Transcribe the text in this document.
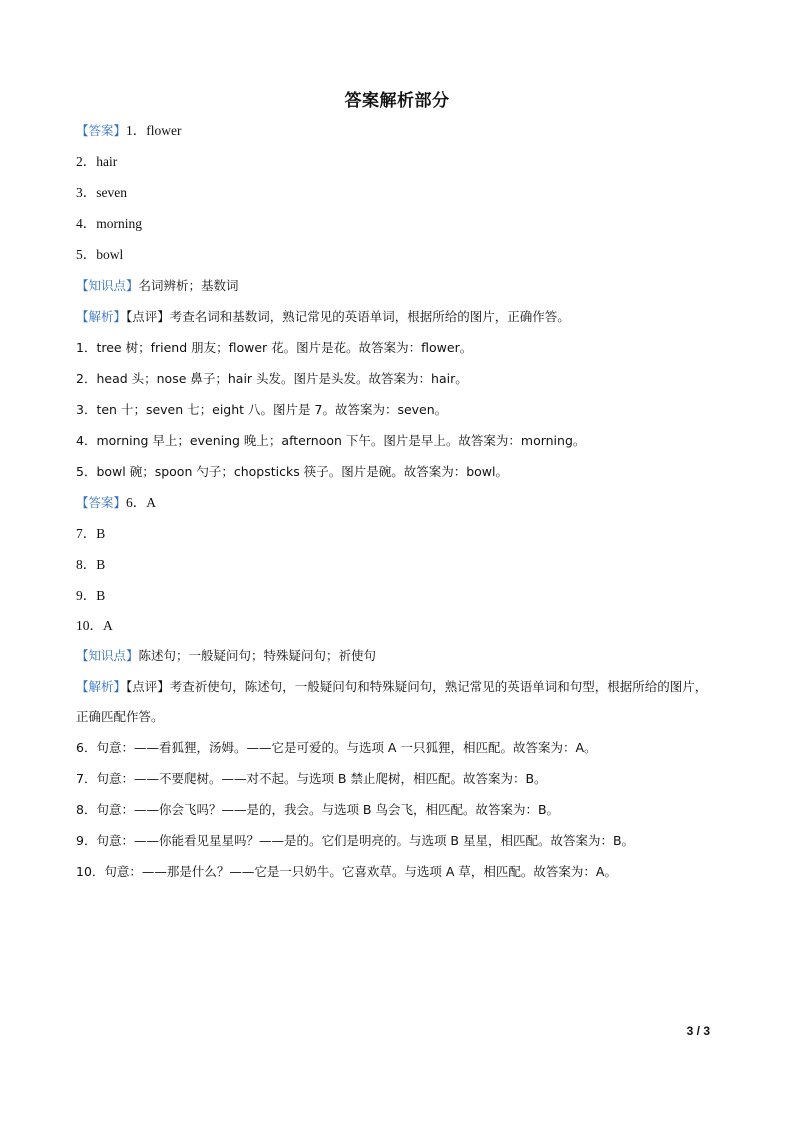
答案解析部分
【答案】1．flower
2．hair
3．seven
4．morning
5．bowl
【知识点】名词辨析；基数词
【解析】【点评】考查名词和基数词，熟记常见的英语单词，根据所给的图片，正确作答。
1．tree 树；friend 朋友；flower 花。图片是花。故答案为：flower。
2．head 头；nose 鼻子；hair 头发。图片是头发。故答案为：hair。
3．ten 十；seven 七；eight 八。图片是 7。故答案为：seven。
4．morning 早上；evening 晚上；afternoon 下午。图片是早上。故答案为：morning。
5．bowl 碗；spoon 勺子；chopsticks 筷子。图片是碗。故答案为：bowl。
【答案】6．A
7．B
8．B
9．B
10．A
【知识点】陈述句；一般疑问句；特殊疑问句；祈使句
【解析】【点评】考查祈使句，陈述句，一般疑问句和特殊疑问句，熟记常见的英语单词和句型，根据所给的图片，正确匹配作答。
6．句意：——看狐狸，汤姆。——它是可爱的。与选项 A 一只狐狸，相匹配。故答案为：A。
7．句意：——不要爬树。——对不起。与选项 B 禁止爬树，相匹配。故答案为：B。
8．句意：——你会飞吗？——是的，我会。与选项 B 鸟会飞，相匹配。故答案为：B。
9．句意：——你能看见星星吗？——是的。它们是明亮的。与选项 B 星星，相匹配。故答案为：B。
10．句意：——那是什么？——它是一只奶牛。它喜欢草。与选项 A 草，相匹配。故答案为：A。
3 / 3
